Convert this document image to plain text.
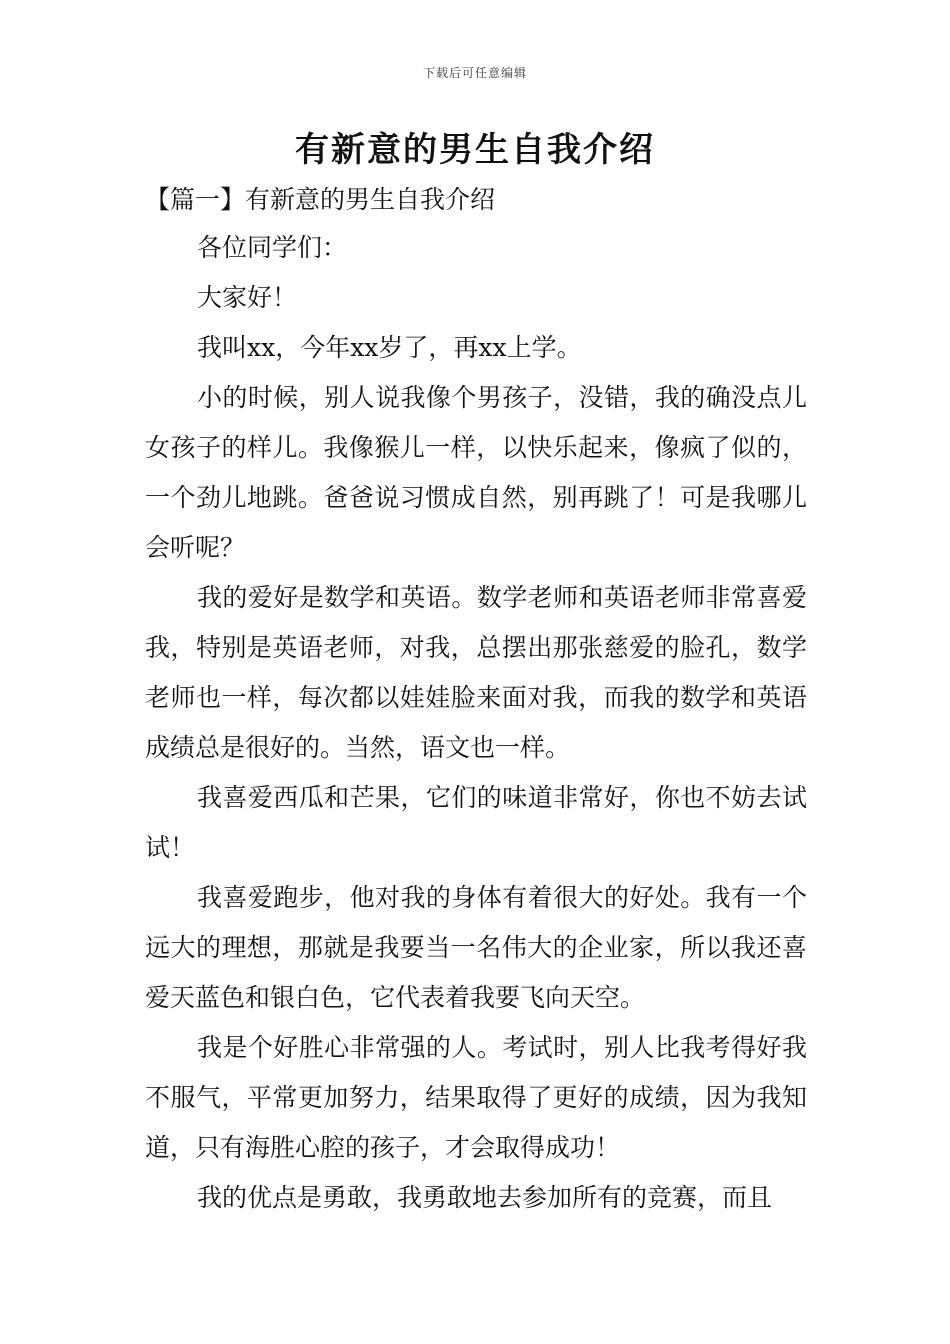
下载后可任意编辑
有新意的男生自我介绍
【篇一】有新意的男生自我介绍

各位同学们：

大家好！

我叫xx，今年xx岁了，再xx上学。

小的时候，别人说我像个男孩子，没错，我的确没点儿女孩子的样儿。我像猴儿一样，以快乐起来，像疯了似的，一个劲儿地跳。爸爸说习惯成自然，别再跳了！可是我哪儿会听呢？

我的爱好是数学和英语。数学老师和英语老师非常喜爱我，特别是英语老师，对我，总摆出那张慈爱的脸孔，数学老师也一样，每次都以娃娃脸来面对我，而我的数学和英语成绩总是很好的。当然，语文也一样。

我喜爱西瓜和芒果，它们的味道非常好，你也不妨去试试！

我喜爱跑步，他对我的身体有着很大的好处。我有一个远大的理想，那就是我要当一名伟大的企业家，所以我还喜爱天蓝色和银白色，它代表着我要飞向天空。

我是个好胜心非常强的人。考试时，别人比我考得好我不服气，平常更加努力，结果取得了更好的成绩，因为我知道，只有海胜心腔的孩子，才会取得成功！

我的优点是勇敢，我勇敢地去参加所有的竞赛，而且
